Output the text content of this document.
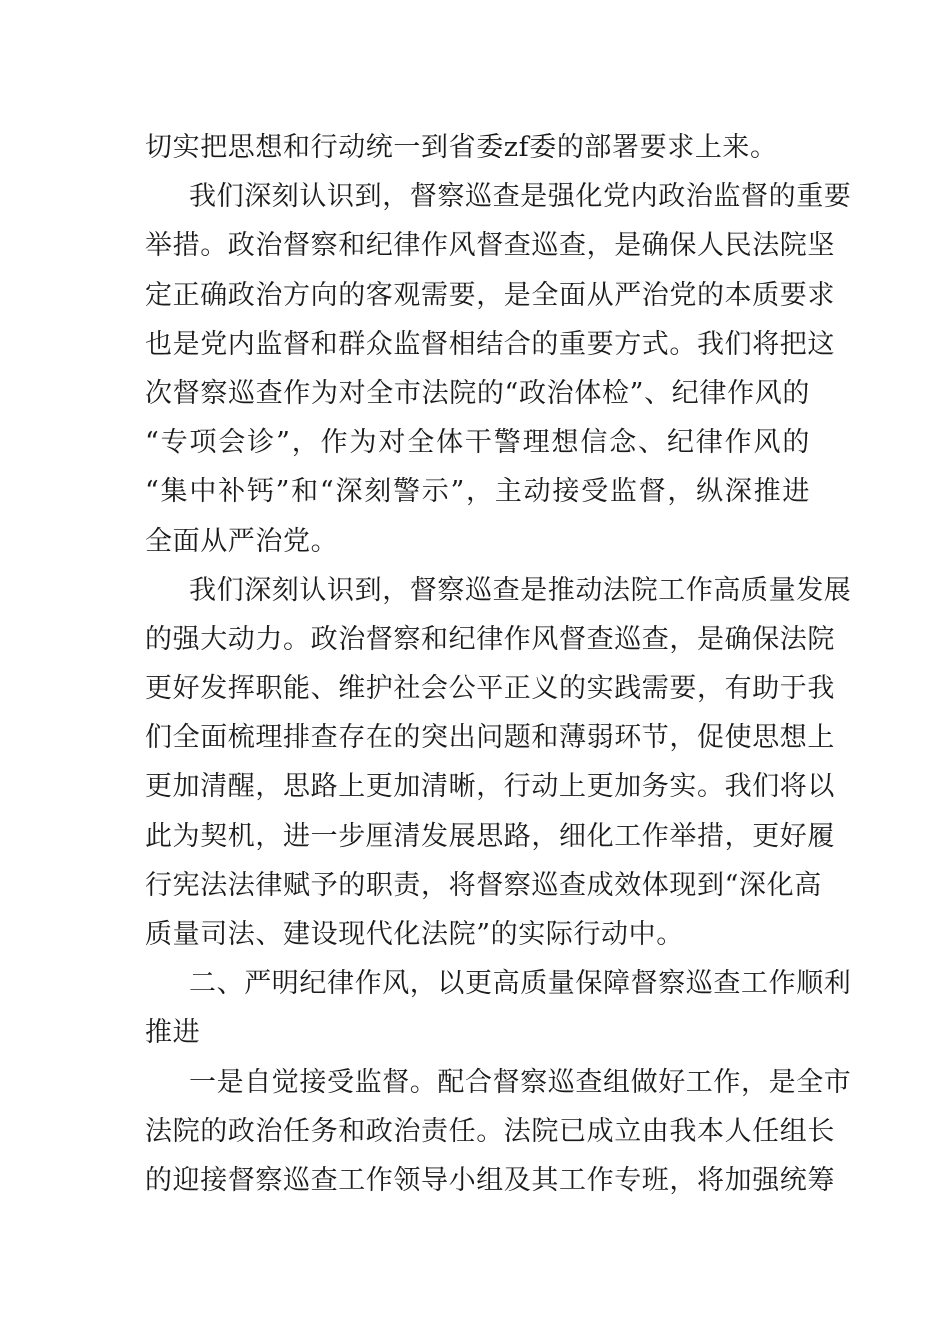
切实把思想和行动统一到省委zf委的部署要求上来。
我们深刻认识到，督察巡查是强化党内政治监督的重要
举措。政治督察和纪律作风督查巡查，是确保人民法院坚
定正确政治方向的客观需要，是全面从严治党的本质要求
也是党内监督和群众监督相结合的重要方式。我们将把这
次督察巡查作为对全市法院的“政治体检”、纪律作风的
“专项会诊”，作为对全体干警理想信念、纪律作风的
“集中补钙”和“深刻警示”，主动接受监督，纵深推进
全面从严治党。
我们深刻认识到，督察巡查是推动法院工作高质量发展
的强大动力。政治督察和纪律作风督查巡查，是确保法院
更好发挥职能、维护社会公平正义的实践需要，有助于我
们全面梳理排查存在的突出问题和薄弱环节，促使思想上
更加清醒，思路上更加清晰，行动上更加务实。我们将以
此为契机，进一步厘清发展思路，细化工作举措，更好履
行宪法法律赋予的职责，将督察巡查成效体现到“深化高
质量司法、建设现代化法院”的实际行动中。
二、严明纪律作风，以更高质量保障督察巡查工作顺利
推进
一是自觉接受监督。配合督察巡查组做好工作，是全市
法院的政治任务和政治责任。法院已成立由我本人任组长
的迎接督察巡查工作领导小组及其工作专班，将加强统筹
